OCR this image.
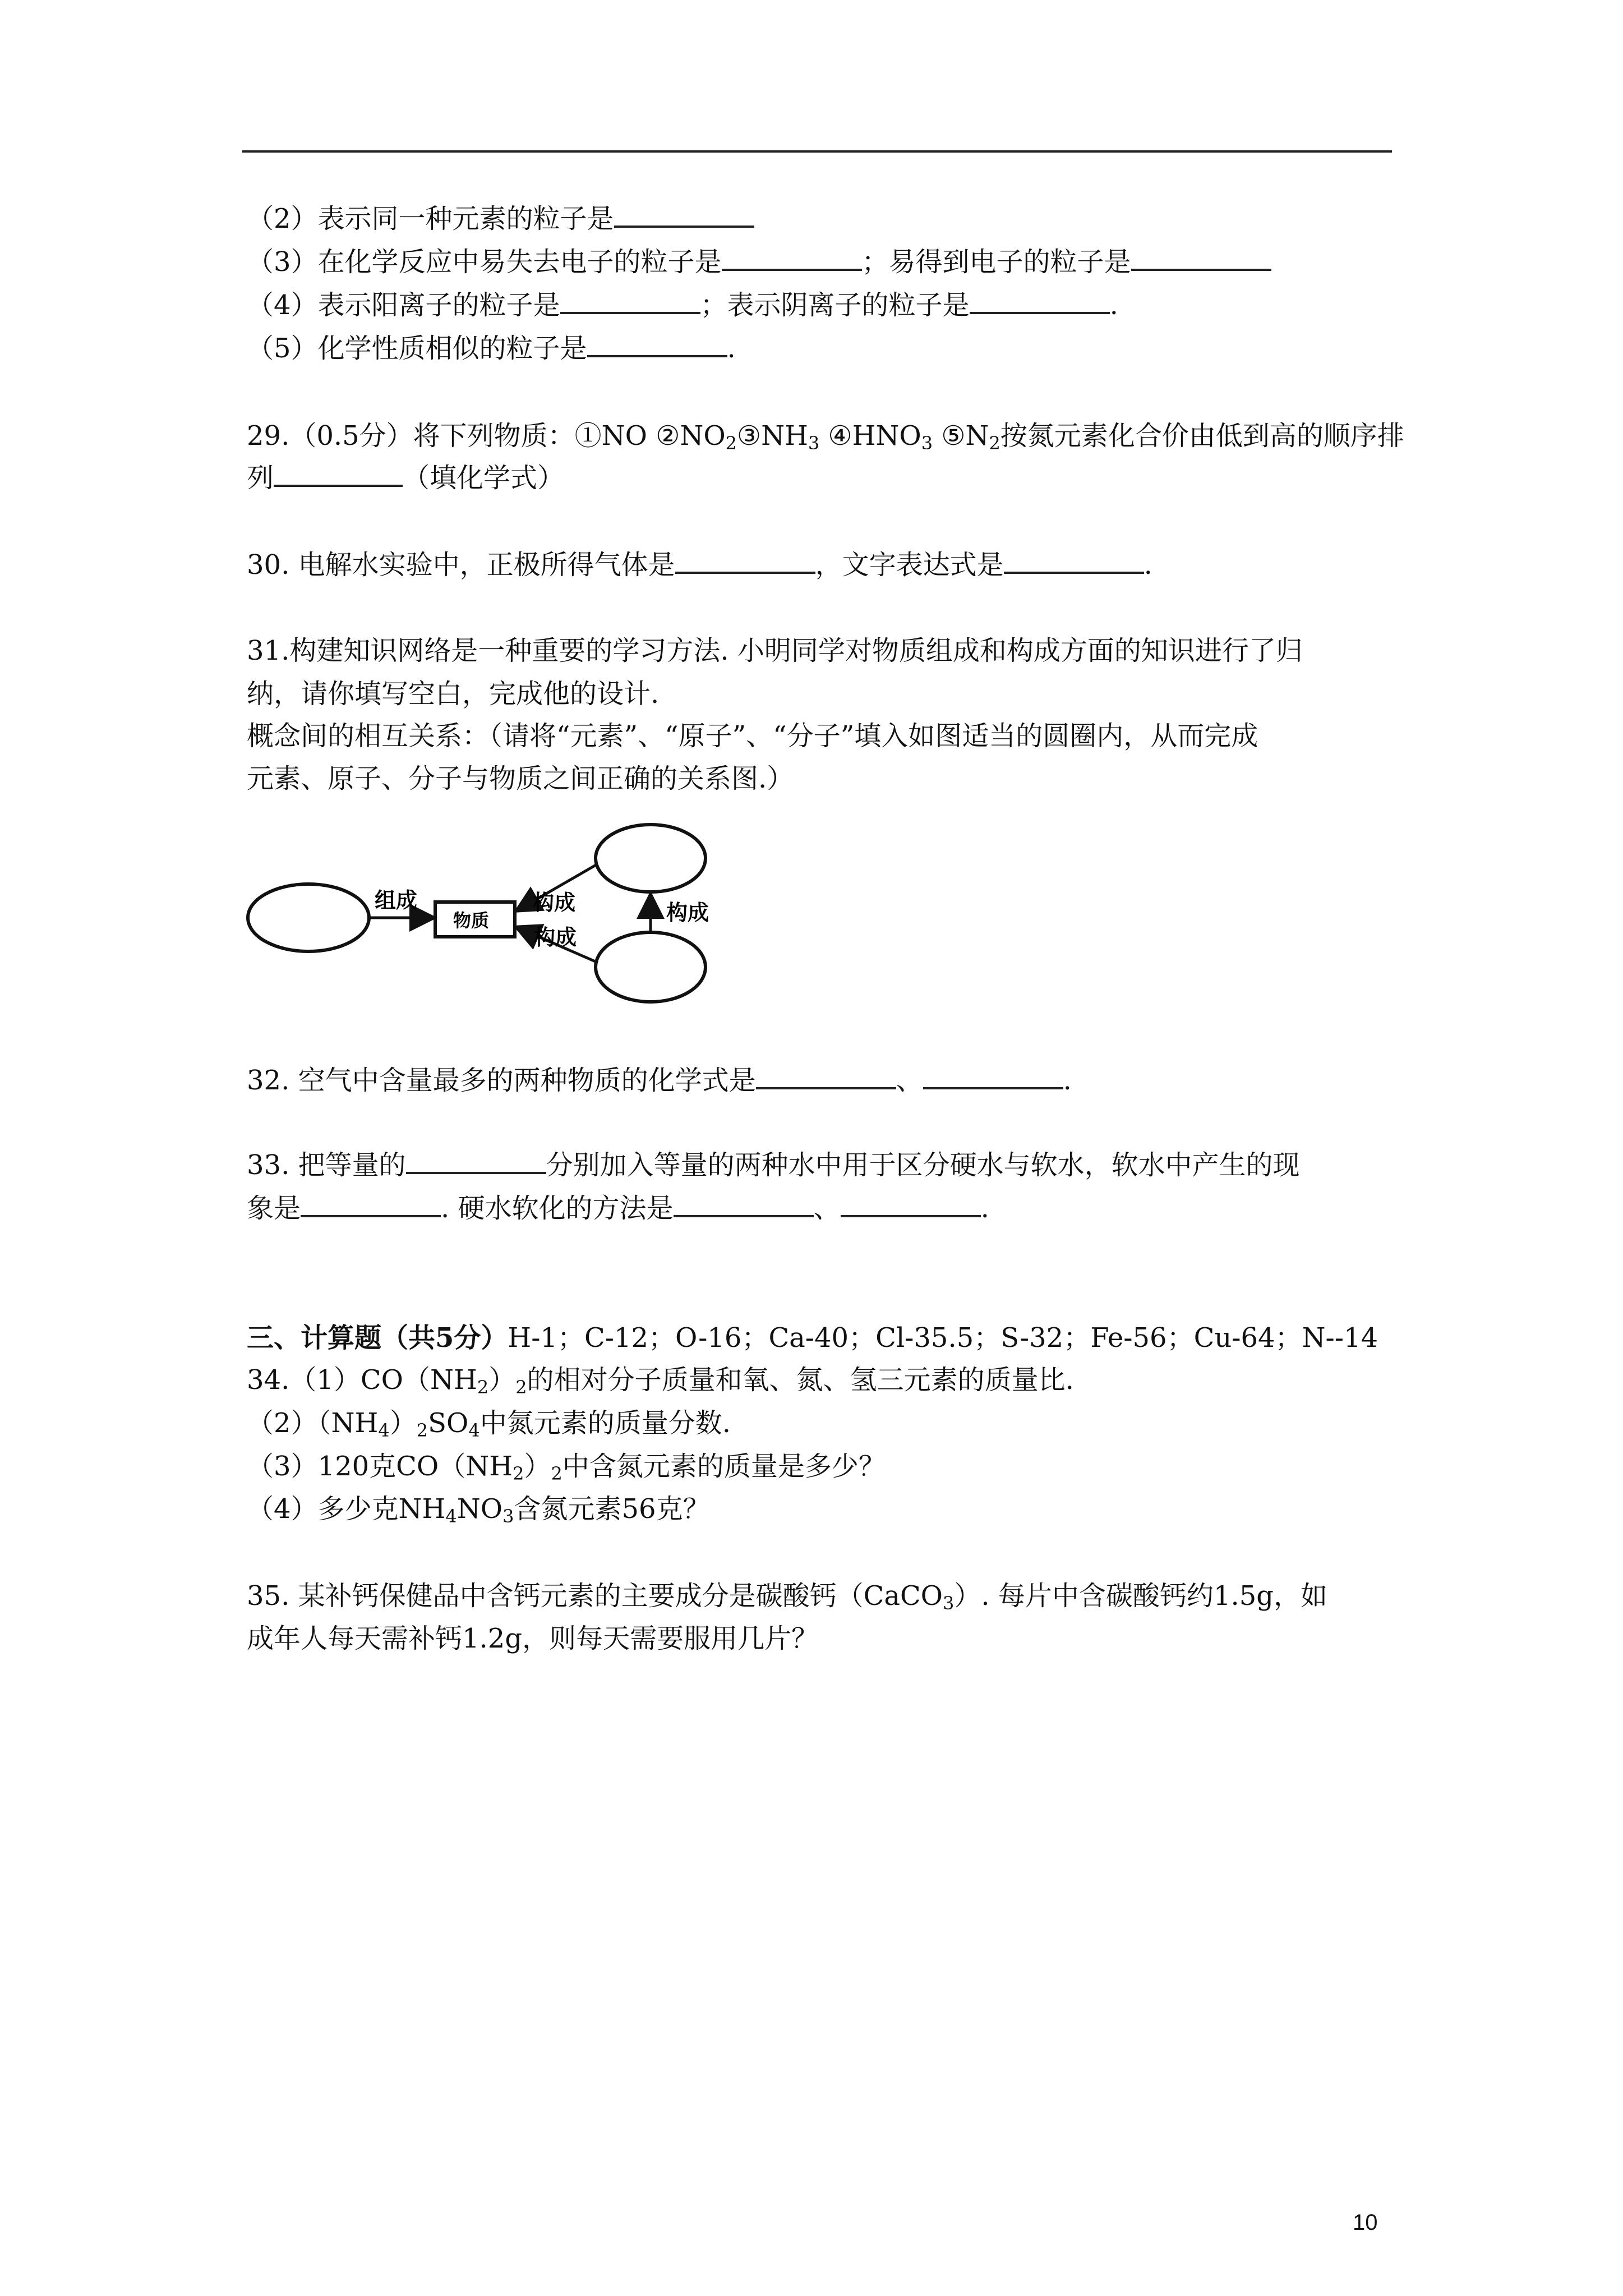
（2）表示同一种元素的粒子是
（3）在化学反应中易失去电子的粒子是	；易得到电子的粒子是
（4）表示阳离子的粒子是	；表示阴离子的粒子是	.
（5）化学性质相似的粒子是	.
29.（0.5分）将下列物质：①NO $②NO_2③NH_3$ $④HNO_3$ $⑤N_2$按氮元素化合价由低到高的顺序排
列	（填化学式）
30. 电解水实验中，正极所得气体是	，文字表达式是	.
31.构建知识网络是一种重要的学习方法. 小明同学对物质组成和构成方面的知识进行了归
纳，请你填写空白，完成他的设计.
概念间的相互关系：（请将“元素”、“原子”、“分子”填入如图适当的圆圈内，从而完成
元素、原子、分子与物质之间正确的关系图.）
组成
物质
构成
构成
构成
32. 空气中含量最多的两种物质的化学式是	、	.
33. 把等量的	分别加入等量的两种水中用于区分硬水与软水，软水中产生的现
象是	. 硬水软化的方法是	、	.
三、计算题（共5分）H-1；C-12；O-16；Ca-40；Cl-35.5；S-32；Fe-56；Cu-64；N--14
$34.(1)CO(NH_2)_2$的相对分子质量和氧、氮、氢三元素的质量比.
$(2)(NH_4)_2SO_4$中氮元素的质量分数.
（3）120克$CO(NH_2)_2$中含氮元素的质量是多少？
（4）多少克$NH_4NO_3$含氮元素56克？
35. 某补钙保健品中含钙元素的主要成分是碳酸钙（CaCO$_3$）. 每片中含碳酸钙约1.5g，如
成年人每天需补钙1.2g，则每天需要服用几片？
10
